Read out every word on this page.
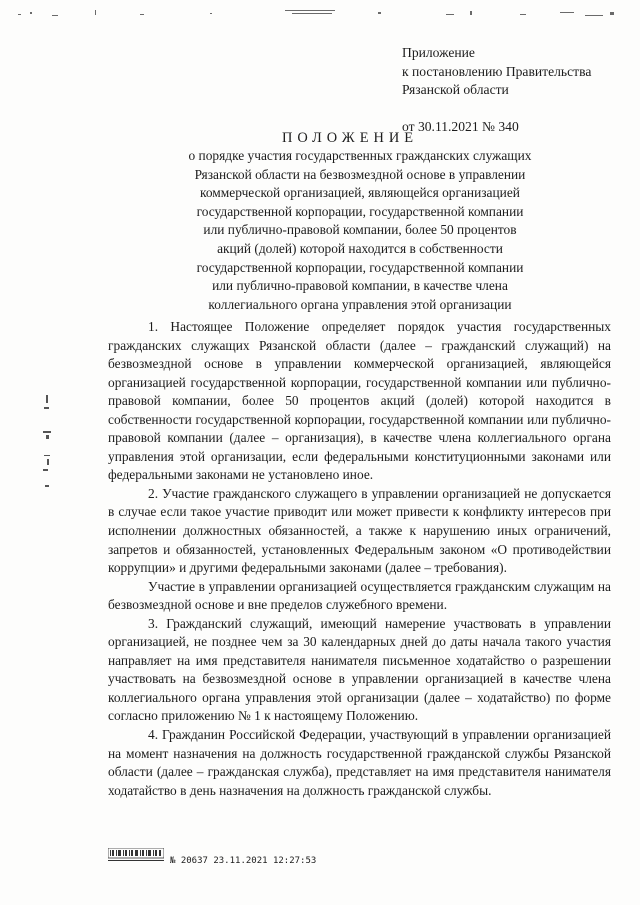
Приложение
к постановлению Правительства
Рязанской области
от 30.11.2021 № 340
ПОЛОЖЕНИЕ
о порядке участия государственных гражданских служащих
Рязанской области на безвозмездной основе в управлении
коммерческой организацией, являющейся организацией
государственной корпорации, государственной компании
или публично-правовой компании, более 50 процентов
акций (долей) которой находится в собственности
государственной корпорации, государственной компании
или публично-правовой компании, в качестве члена
коллегиального органа управления этой организации

1. Настоящее Положение определяет порядок участия государственных гражданских служащих Рязанской области (далее – гражданский служащий) на безвозмездной основе в управлении коммерческой организацией, являющейся организацией государственной корпорации, государственной компании или публично-правовой компании, более 50 процентов акций (долей) которой находится в собственности государственной корпорации, государственной компании или публично-правовой компании (далее – организация), в качестве члена коллегиального органа управления этой организации, если федеральными конституционными законами или федеральными законами не установлено иное.

2. Участие гражданского служащего в управлении организацией не допускается в случае если такое участие приводит или может привести к конфликту интересов при исполнении должностных обязанностей, а также к нарушению иных ограничений, запретов и обязанностей, установленных Федеральным законом «О противодействии коррупции» и другими федеральными законами (далее – требования).

Участие в управлении организацией осуществляется гражданским служащим на безвозмездной основе и вне пределов служебного времени.

3. Гражданский служащий, имеющий намерение участвовать в управлении организацией, не позднее чем за 30 календарных дней до даты начала такого участия направляет на имя представителя нанимателя письменное ходатайство о разрешении участвовать на безвозмездной основе в управлении организацией в качестве члена коллегиального органа управления этой организации (далее – ходатайство) по форме согласно приложению № 1 к настоящему Положению.

4. Гражданин Российской Федерации, участвующий в управлении организацией на момент назначения на должность государственной гражданской службы Рязанской области (далее – гражданская служба), представляет на имя представителя нанимателя ходатайство в день назначения на должность гражданской службы.

№ 20637 23.11.2021 12:27:53
